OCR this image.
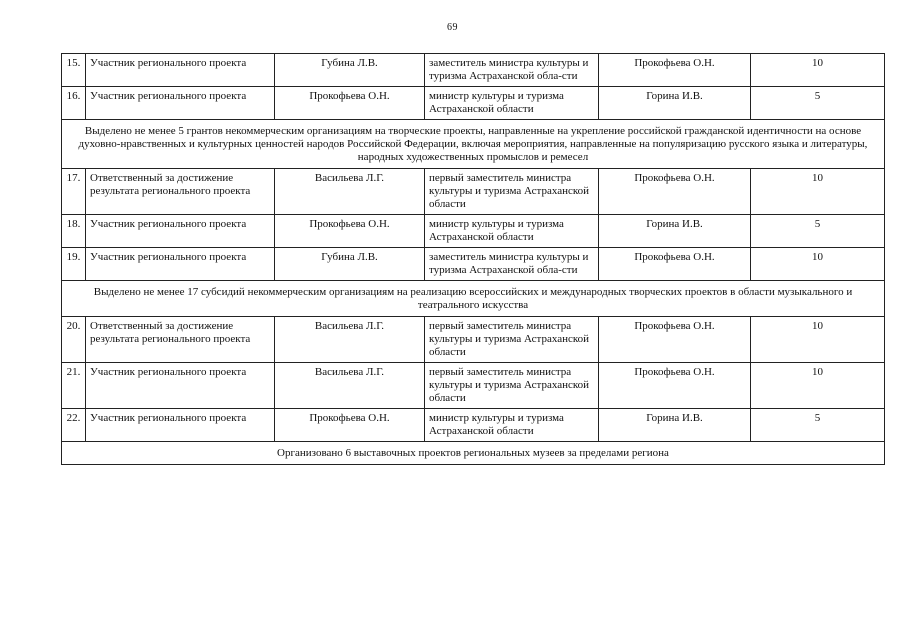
69
15.	Участник регионального проекта	Губина Л.В.	заместитель министра культуры и туризма Астраханской обла-сти	Прокофьева О.Н.	10
16.	Участник регионального проекта	Прокофьева О.Н.	министр культуры и туризма Астраханской области	Горина И.В.	5
Выделено не менее 5 грантов некоммерческим организациям на творческие проекты, направленные на укрепление российской гражданской идентичности на основе духовно-нравственных и культурных ценностей народов Российской Федерации, включая мероприятия, направленные на популяризацию русского языка и литературы, народных художественных промыслов и ремесел					
17.	Ответственный за достижение результата регионального проекта	Васильева Л.Г.	первый заместитель министра культуры и туризма Астраханской области	Прокофьева О.Н.	10
18.	Участник регионального проекта	Прокофьева О.Н.	министр культуры и туризма Астраханской области	Горина И.В.	5
19.	Участник регионального проекта	Губина Л.В.	заместитель министра культуры и туризма Астраханской обла-сти	Прокофьева О.Н.	10
Выделено не менее 17 субсидий некоммерческим организациям на реализацию всероссийских и международных творческих проектов в области музыкального и театрального искусства					
20.	Ответственный за достижение результата регионального проекта	Васильева Л.Г.	первый заместитель министра культуры и туризма Астраханской области	Прокофьева О.Н.	10
21.	Участник регионального проекта	Васильева Л.Г.	первый заместитель министра культуры и туризма Астраханской области	Прокофьева О.Н.	10
22.	Участник регионального проекта	Прокофьева О.Н.	министр культуры и туризма Астраханской области	Горина И.В.	5
Организовано 6 выставочных проектов региональных музеев за пределами региона					
